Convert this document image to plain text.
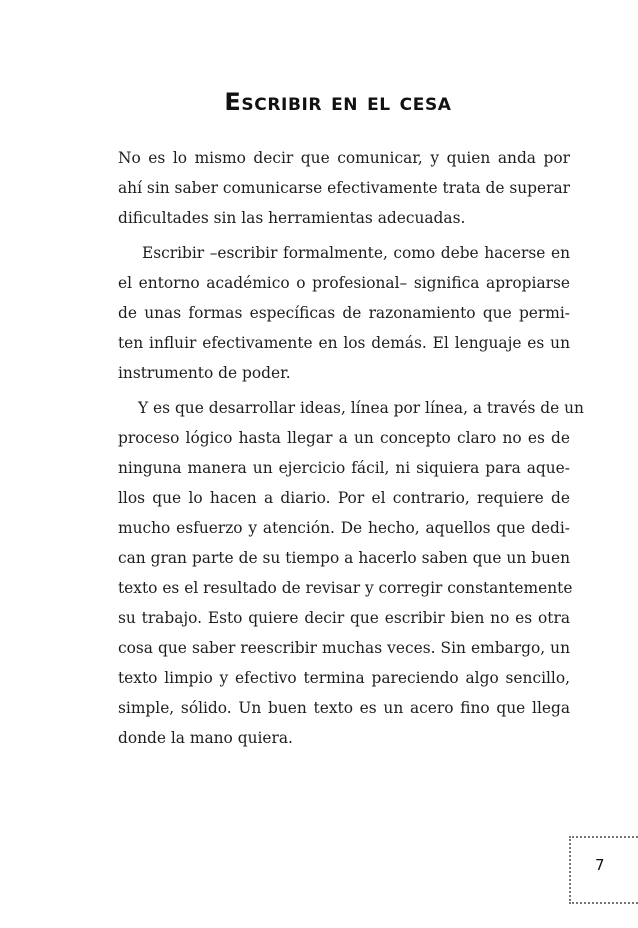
Escribir en el cesa

No es lo mismo decir que comunicar, y quien anda por
ahí sin saber comunicarse efectivamente trata de superar
dificultades sin las herramientas adecuadas.

Escribir –escribir formalmente, como debe hacerse en
el entorno académico o profesional– significa apropiarse
de unas formas específicas de razonamiento que permi-
ten influir efectivamente en los demás. El lenguaje es un
instrumento de poder.

Y es que desarrollar ideas, línea por línea, a través de un
proceso lógico hasta llegar a un concepto claro no es de
ninguna manera un ejercicio fácil, ni siquiera para aque-
llos que lo hacen a diario. Por el contrario, requiere de
mucho esfuerzo y atención. De hecho, aquellos que dedi-
can gran parte de su tiempo a hacerlo saben que un buen
texto es el resultado de revisar y corregir constantemente
su trabajo. Esto quiere decir que escribir bien no es otra
cosa que saber reescribir muchas veces. Sin embargo, un
texto limpio y efectivo termina pareciendo algo sencillo,
simple, sólido. Un buen texto es un acero fino que llega
donde la mano quiera.

7
